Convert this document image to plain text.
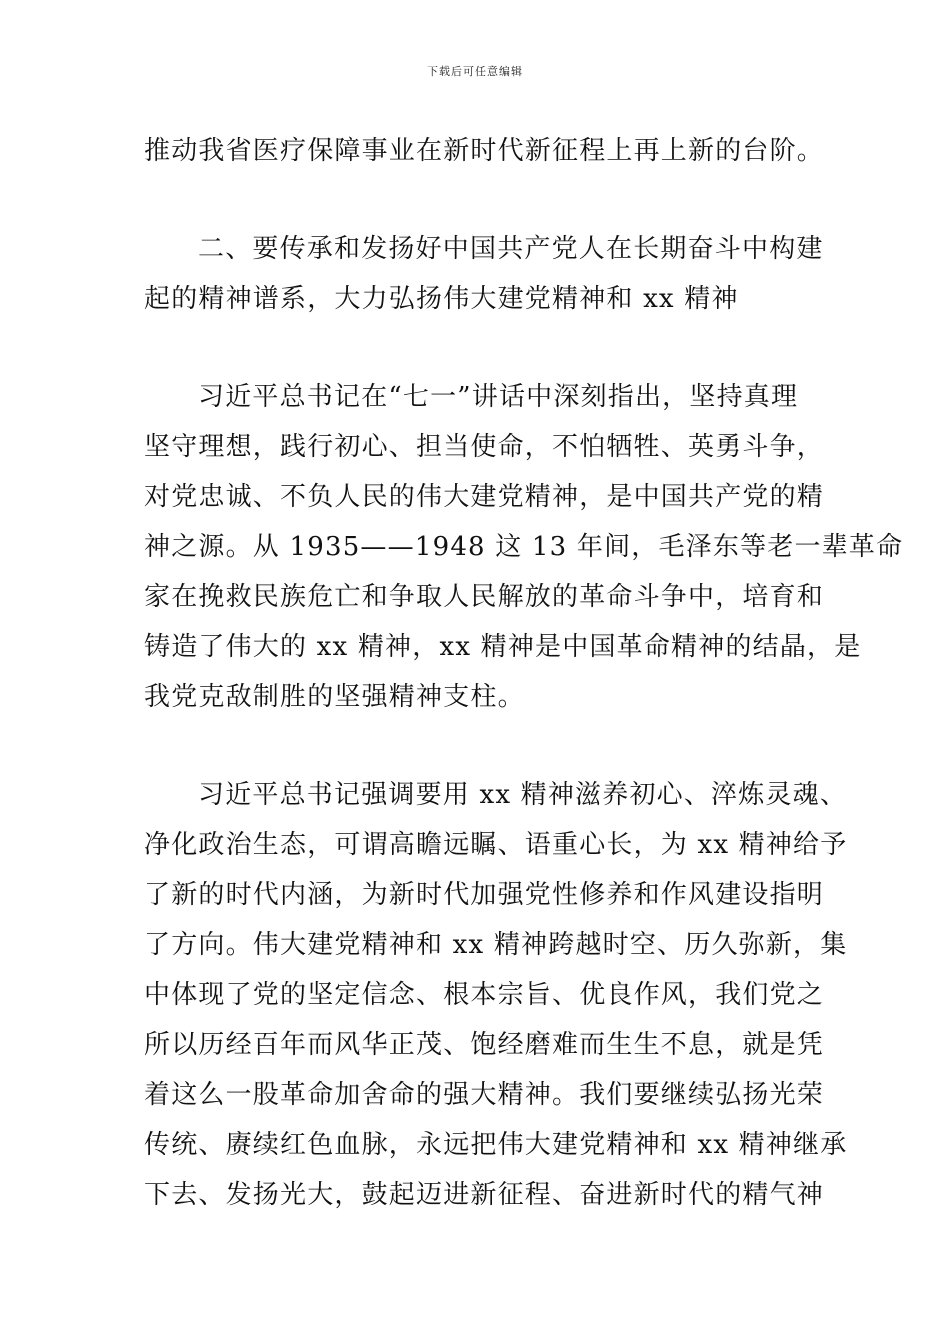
下载后可任意编辑
推动我省医疗保障事业在新时代新征程上再上新的台阶。
二、要传承和发扬好中国共产党人在长期奋斗中构建
起的精神谱系，大力弘扬伟大建党精神和 xx 精神
习近平总书记在“七一”讲话中深刻指出，坚持真理
坚守理想，践行初心、担当使命，不怕牺牲、英勇斗争，
对党忠诚、不负人民的伟大建党精神，是中国共产党的精
神之源。从 1935——1948 这 13 年间，毛泽东等老一辈革命
家在挽救民族危亡和争取人民解放的革命斗争中，培育和
铸造了伟大的 xx 精神，xx 精神是中国革命精神的结晶，是
我党克敌制胜的坚强精神支柱。
习近平总书记强调要用 xx 精神滋养初心、淬炼灵魂、
净化政治生态，可谓高瞻远瞩、语重心长，为 xx 精神给予
了新的时代内涵，为新时代加强党性修养和作风建设指明
了方向。伟大建党精神和 xx 精神跨越时空、历久弥新，集
中体现了党的坚定信念、根本宗旨、优良作风，我们党之
所以历经百年而风华正茂、饱经磨难而生生不息，就是凭
着这么一股革命加舍命的强大精神。我们要继续弘扬光荣
传统、赓续红色血脉，永远把伟大建党精神和 xx 精神继承
下去、发扬光大，鼓起迈进新征程、奋进新时代的精气神
